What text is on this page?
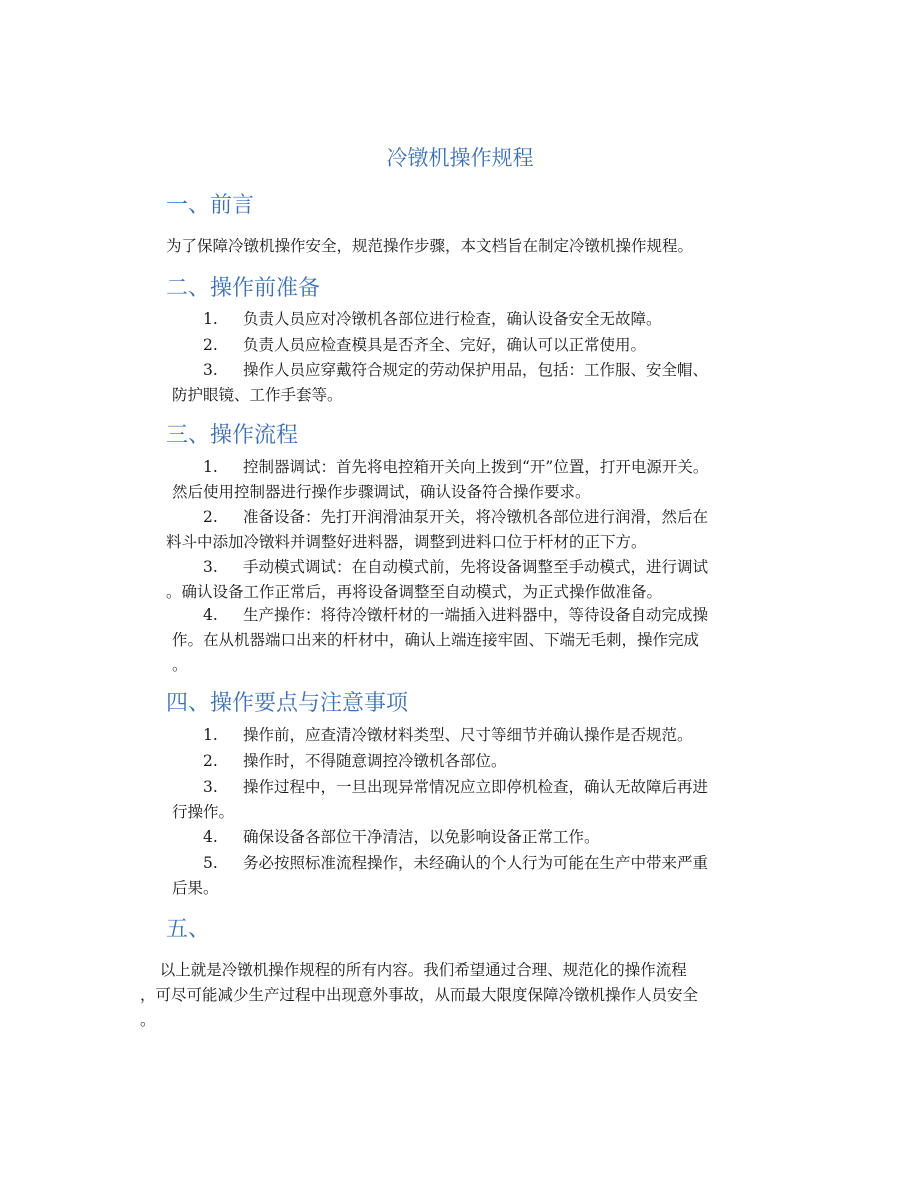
冷镦机操作规程
一、前言
为了保障冷镦机操作安全，规范操作步骤，本文档旨在制定冷镦机操作规程。
二、操作前准备
1. 负责人员应对冷镦机各部位进行检查，确认设备安全无故障。
2. 负责人员应检查模具是否齐全、完好，确认可以正常使用。
3. 操作人员应穿戴符合规定的劳动保护用品，包括：工作服、安全帽、
防护眼镜、工作手套等。
三、操作流程
1. 控制器调试：首先将电控箱开关向上拨到“开”位置，打开电源开关。
然后使用控制器进行操作步骤调试，确认设备符合操作要求。
2. 准备设备：先打开润滑油泵开关，将冷镦机各部位进行润滑，然后在
料斗中添加冷镦料并调整好进料器，调整到进料口位于杆材的正下方。
3. 手动模式调试：在自动模式前，先将设备调整至手动模式，进行调试
。确认设备工作正常后，再将设备调整至自动模式，为正式操作做准备。
4. 生产操作：将待冷镦杆材的一端插入进料器中，等待设备自动完成操
作。在从机器端口出来的杆材中，确认上端连接牢固、下端无毛刺，操作完成
。
四、操作要点与注意事项
1. 操作前，应查清冷镦材料类型、尺寸等细节并确认操作是否规范。
2. 操作时，不得随意调控冷镦机各部位。
3. 操作过程中，一旦出现异常情况应立即停机检查，确认无故障后再进
行操作。
4. 确保设备各部位干净清洁，以免影响设备正常工作。
5. 务必按照标准流程操作，未经确认的个人行为可能在生产中带来严重
后果。
五、
以上就是冷镦机操作规程的所有内容。我们希望通过合理、规范化的操作流程
，可尽可能减少生产过程中出现意外事故，从而最大限度保障冷镦机操作人员安全
。
